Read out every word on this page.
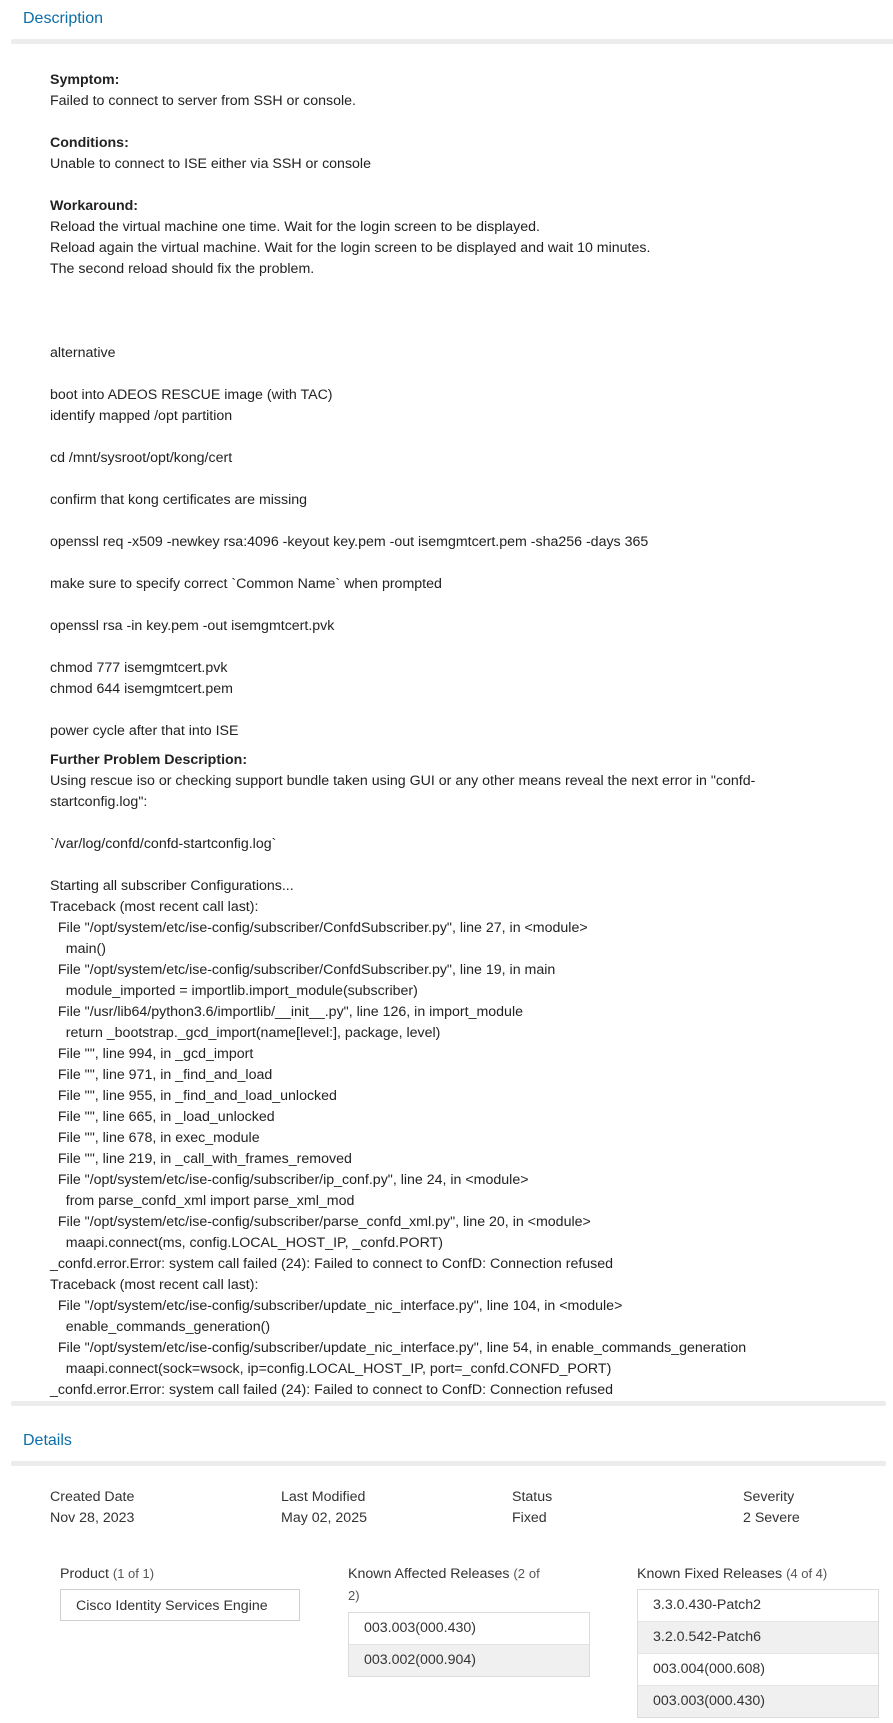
Description
Symptom:
Failed to connect to server from SSH or console.
Conditions:
Unable to connect to ISE either via SSH or console
Workaround:
Reload the virtual machine one time. Wait for the login screen to be displayed.
Reload again the virtual machine. Wait for the login screen to be displayed and wait 10 minutes.
The second reload should fix the problem.
alternative
boot into ADEOS RESCUE image (with TAC)
identify mapped /opt partition
cd /mnt/sysroot/opt/kong/cert
confirm that kong certificates are missing
openssl req -x509 -newkey rsa:4096 -keyout key.pem -out isemgmtcert.pem -sha256 -days 365
make sure to specify correct `Common Name` when prompted
openssl rsa -in key.pem -out isemgmtcert.pvk
chmod 777 isemgmtcert.pvk
chmod 644 isemgmtcert.pem
power cycle after that into ISE
Further Problem Description:
Using rescue iso or checking support bundle taken using GUI or any other means reveal the next error in "confd-startconfig.log":
`/var/log/confd/confd-startconfig.log`
Starting all subscriber Configurations...
Traceback (most recent call last):
File "/opt/system/etc/ise-config/subscriber/ConfdSubscriber.py", line 27, in <module>
main()
File "/opt/system/etc/ise-config/subscriber/ConfdSubscriber.py", line 19, in main
module_imported = importlib.import_module(subscriber)
File "/usr/lib64/python3.6/importlib/__init__.py", line 126, in import_module
return _bootstrap._gcd_import(name[level:], package, level)
File "", line 994, in _gcd_import
File "", line 971, in _find_and_load
File "", line 955, in _find_and_load_unlocked
File "", line 665, in _load_unlocked
File "", line 678, in exec_module
File "", line 219, in _call_with_frames_removed
File "/opt/system/etc/ise-config/subscriber/ip_conf.py", line 24, in <module>
from parse_confd_xml import parse_xml_mod
File "/opt/system/etc/ise-config/subscriber/parse_confd_xml.py", line 20, in <module>
maapi.connect(ms, config.LOCAL_HOST_IP, _confd.PORT)
_confd.error.Error: system call failed (24): Failed to connect to ConfD: Connection refused
Traceback (most recent call last):
File "/opt/system/etc/ise-config/subscriber/update_nic_interface.py", line 104, in <module>
enable_commands_generation()
File "/opt/system/etc/ise-config/subscriber/update_nic_interface.py", line 54, in enable_commands_generation
maapi.connect(sock=wsock, ip=config.LOCAL_HOST_IP, port=_confd.CONFD_PORT)
_confd.error.Error: system call failed (24): Failed to connect to ConfD: Connection refused
Details
Created Date
Nov 28, 2023
Last Modified
May 02, 2025
Status
Fixed
Severity
2 Severe
Product (1 of 1)
Cisco Identity Services Engine
Known Affected Releases (2 of 2)
003.003(000.430)
003.002(000.904)
Known Fixed Releases (4 of 4)
3.3.0.430-Patch2
3.2.0.542-Patch6
003.004(000.608)
003.003(000.430)
